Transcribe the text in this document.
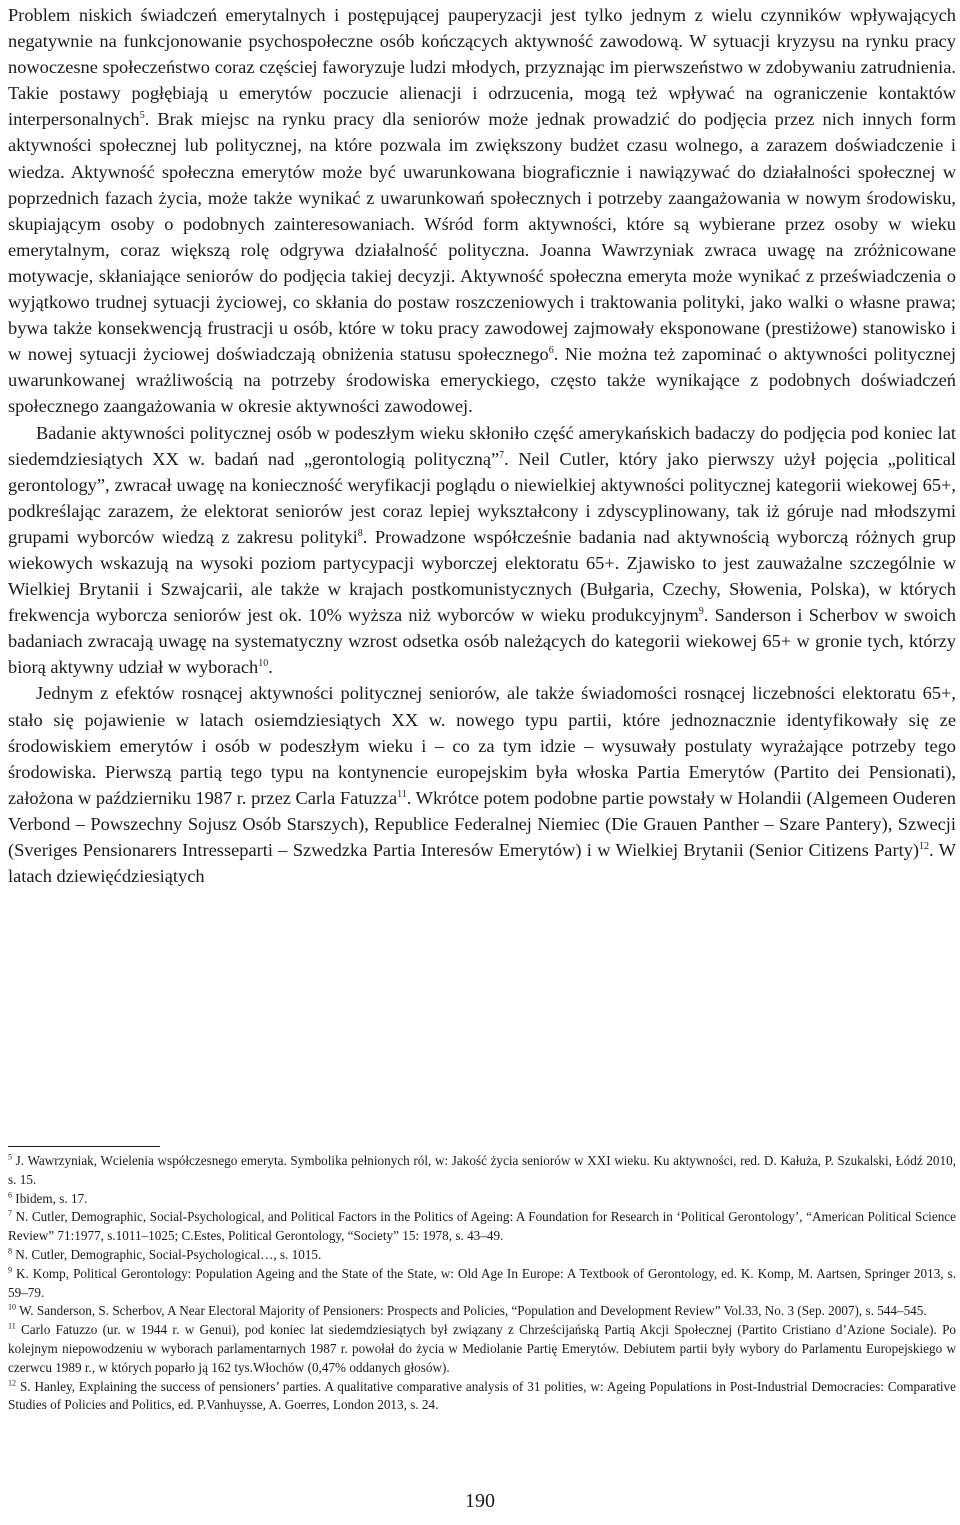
Problem niskich świadczeń emerytalnych i postępującej pauperyzacji jest tylko jednym z wielu czynników wpływających negatywnie na funkcjonowanie psychospołeczne osób kończących aktywność zawodową. W sytuacji kryzysu na rynku pracy nowoczesne społeczeństwo coraz częściej faworyzuje ludzi młodych, przyznając im pierwszeństwo w zdobywaniu zatrudnienia. Takie postawy pogłębiają u emerytów poczucie alienacji i odrzucenia, mogą też wpływać na ograniczenie kontaktów interpersonalnych$^5$. Brak miejsc na rynku pracy dla seniorów może jednak prowadzić do podjęcia przez nich innych form aktywności społecznej lub politycznej, na które pozwala im zwiększony budżet czasu wolnego, a zarazem doświadczenie i wiedza. Aktywność społeczna emerytów może być uwarunkowana biograficznie i nawiązywać do działalności społecznej w poprzednich fazach życia, może także wynikać z uwarunkowań społecznych i potrzeby zaangażowania w nowym środowisku, skupiającym osoby o podobnych zainteresowaniach. Wśród form aktywności, które są wybierane przez osoby w wieku emerytalnym, coraz większą rolę odgrywa działalność polityczna. Joanna Wawrzyniak zwraca uwagę na zróżnicowane motywacje, skłaniające seniorów do podjęcia takiej decyzji. Aktywność społeczna emeryta może wynikać z przeświadczenia o wyjątkowo trudnej sytuacji życiowej, co skłania do postaw roszczeniowych i traktowania polityki, jako walki o własne prawa; bywa także konsekwencją frustracji u osób, które w toku pracy zawodowej zajmowały eksponowane (prestiżowe) stanowisko i w nowej sytuacji życiowej doświadczają obniżenia statusu społecznego$^6$. Nie można też zapominać o aktywności politycznej uwarunkowanej wrażliwością na potrzeby środowiska emeryckiego, często także wynikające z podobnych doświadczeń społecznego zaangażowania w okresie aktywności zawodowej.

Badanie aktywności politycznej osób w podeszłym wieku skłoniło część amerykańskich badaczy do podjęcia pod koniec lat siedemdziesiątych XX w. badań nad „gerontologią polityczną”$^7$. Neil Cutler, który jako pierwszy użył pojęcia „political gerontology”, zwracał uwagę na konieczność weryfikacji poglądu o niewielkiej aktywności politycznej kategorii wiekowej 65+, podkreślając zarazem, że elektorat seniorów jest coraz lepiej wykształcony i zdyscyplinowany, tak iż góruje nad młodszymi grupami wyborców wiedzą z zakresu polityki$^8$. Prowadzone współcześnie badania nad aktywnością wyborczą różnych grup wiekowych wskazują na wysoki poziom partycypacji wyborczej elektoratu 65+. Zjawisko to jest zauważalne szczególnie w Wielkiej Brytanii i Szwajcarii, ale także w krajach postkomunistycznych (Bułgaria, Czechy, Słowenia, Polska), w których frekwencja wyborcza seniorów jest ok. 10% wyższa niż wyborców w wieku produkcyjnym$^9$. Sanderson i Scherbov w swoich badaniach zwracają uwagę na systematyczny wzrost odsetka osób należących do kategorii wiekowej 65+ w gronie tych, którzy biorą aktywny udział w wyborach$^{10}$.

Jednym z efektów rosnącej aktywności politycznej seniorów, ale także świadomości rosnącej liczebności elektoratu 65+, stało się pojawienie w latach osiemdziesiątych XX w. nowego typu partii, które jednoznacznie identyfikowały się ze środowiskiem emerytów i osób w podeszłym wieku i – co za tym idzie – wysuwały postulaty wyrażające potrzeby tego środowiska. Pierwszą partią tego typu na kontynencie europejskim była włoska Partia Emerytów (Partito dei Pensionati), założona w październiku 1987 r. przez Carla Fatuzza$^{11}$. Wkrótce potem podobne partie powstały w Holandii (Algemeen Ouderen Verbond – Powszechny Sojusz Osób Starszych), Republice Federalnej Niemiec (Die Grauen Panther – Szare Pantery), Szwecji (Sveriges Pensionarers Intresseparti – Szwedzka Partia Interesów Emerytów) i w Wielkiej Brytanii (Senior Citizens Party)$^{12}$. W latach dziewięćdziesiątych

$^5$ J. Wawrzyniak, Wcielenia współczesnego emeryta. Symbolika pełnionych ról, w: Jakość życia seniorów w XXI wieku. Ku aktywności, red. D. Kałuża, P. Szukalski, Łódź 2010, s. 15.

$^6$ Ibidem, s. 17.

$^7$ N. Cutler, Demographic, Social-Psychological, and Political Factors in the Politics of Ageing: A Foundation for Research in ‘Political Gerontology’, “American Political Science Review” 71:1977, s.1011–1025; C.Estes, Political Gerontology, “Society” 15: 1978, s. 43–49.

$^8$ N. Cutler, Demographic, Social-Psychological…, s. 1015.

$^9$ K. Komp, Political Gerontology: Population Ageing and the State of the State, w: Old Age In Europe: A Textbook of Gerontology, ed. K. Komp, M. Aartsen, Springer 2013, s. 59–79.

$^{10}$ W. Sanderson, S. Scherbov, A Near Electoral Majority of Pensioners: Prospects and Policies, “Population and Development Review” Vol.33, No. 3 (Sep. 2007), s. 544–545.

$^{11}$ Carlo Fatuzzo (ur. w 1944 r. w Genui), pod koniec lat siedemdziesiątych był związany z Chrześcijańską Partią Akcji Społecznej (Partito Cristiano d’Azione Sociale). Po kolejnym niepowodzeniu w wyborach parlamentarnych 1987 r. powołał do życia w Mediolanie Partię Emerytów. Debiutem partii były wybory do Parlamentu Europejskiego w czerwcu 1989 r., w których poparło ją 162 tys.Włochów (0,47% oddanych głosów).

$^{12}$ S. Hanley, Explaining the success of pensioners’ parties. A qualitative comparative analysis of 31 polities, w: Ageing Populations in Post-Industrial Democracies: Comparative Studies of Policies and Politics, ed. P.Vanhuysse, A. Goerres, London 2013, s. 24.

190
